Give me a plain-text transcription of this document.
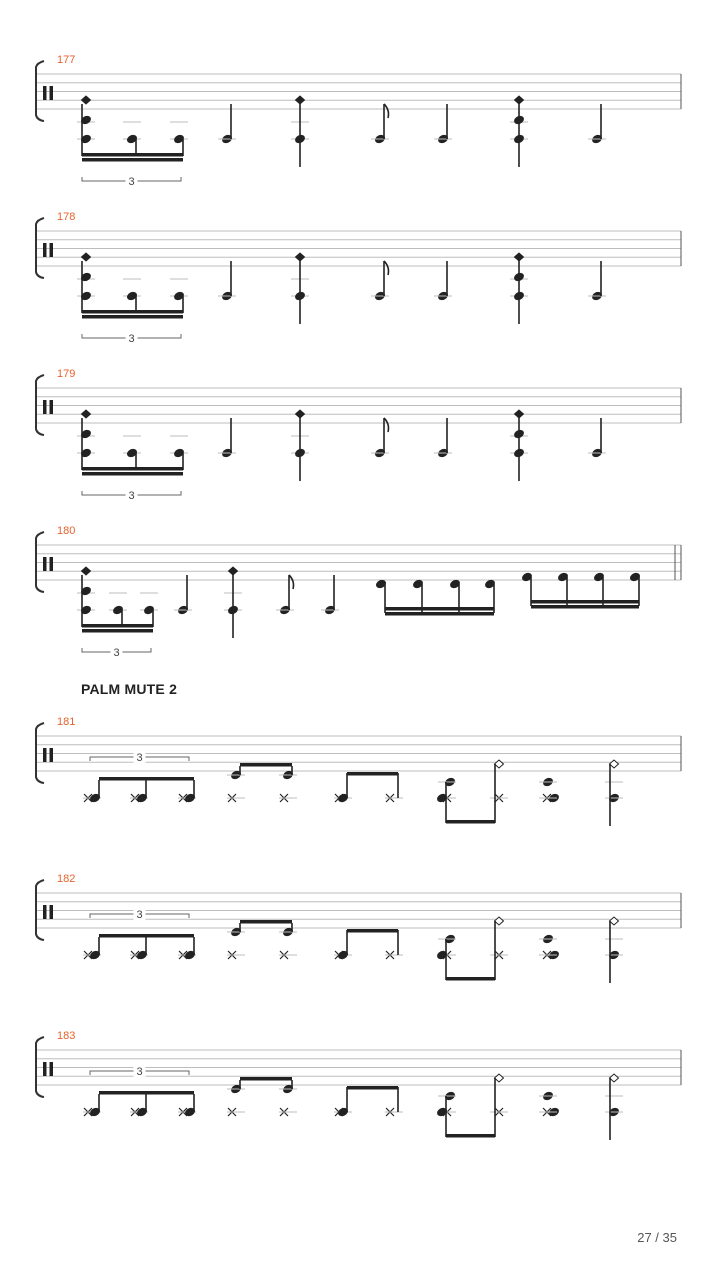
177
3
178
3
179
3
180
3
181
3
182
3
183
3
PALM MUTE 2
27 / 35
